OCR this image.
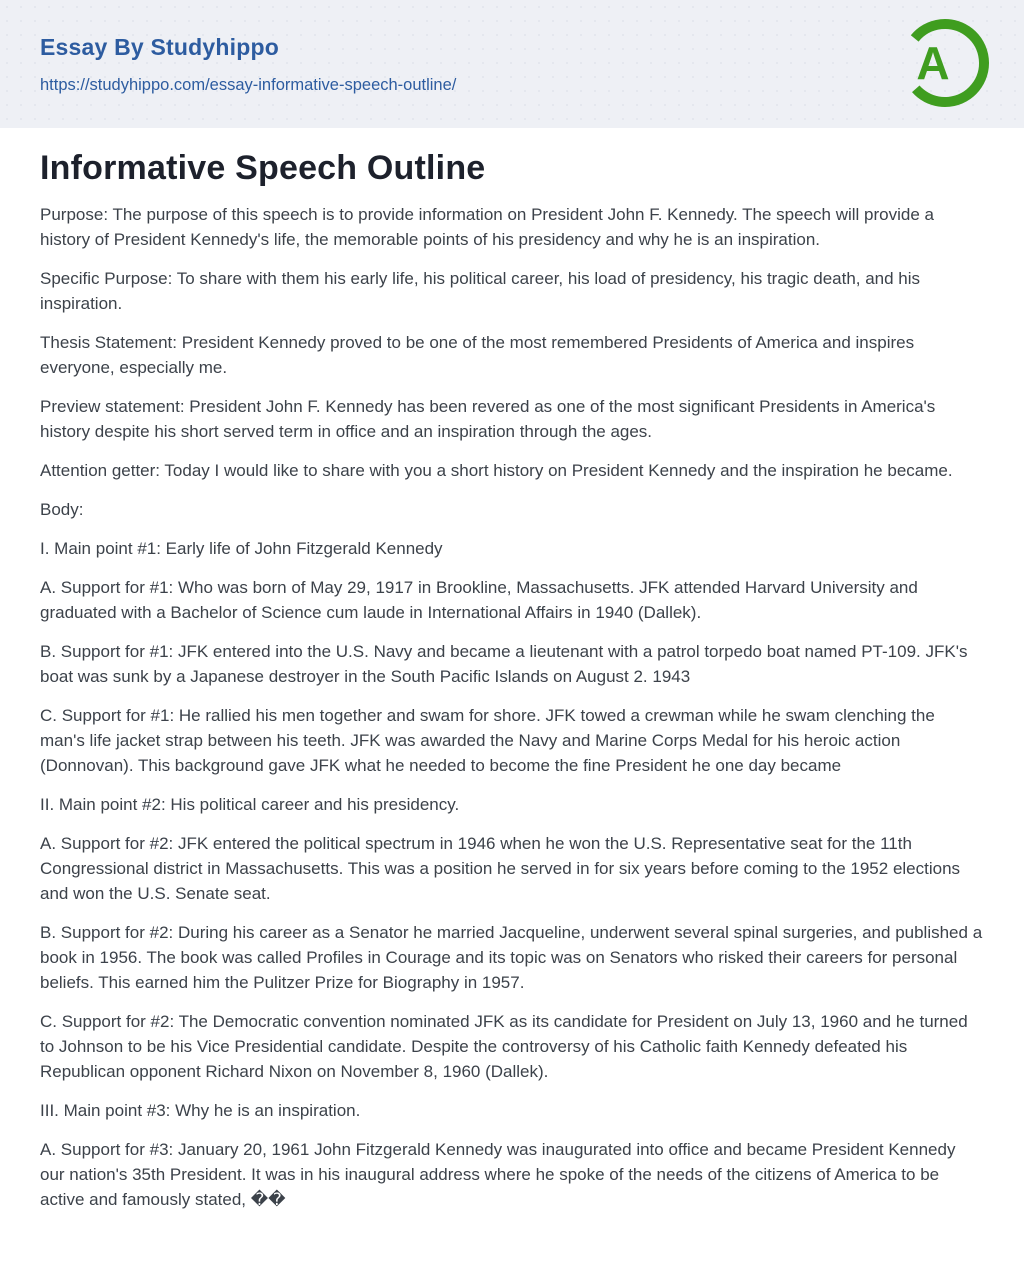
Essay By Studyhippo
https://studyhippo.com/essay-informative-speech-outline/	A
Informative Speech Outline

Purpose: The purpose of this speech is to provide information on President John F. Kennedy. The speech will provide a history of President Kennedy's life, the memorable points of his presidency and why he is an inspiration.

Specific Purpose: To share with them his early life, his political career, his load of presidency, his tragic death, and his inspiration.

Thesis Statement: President Kennedy proved to be one of the most remembered Presidents of America and inspires everyone, especially me.

Preview statement: President John F. Kennedy has been revered as one of the most significant Presidents in America's history despite his short served term in office and an inspiration through the ages.

Attention getter: Today I would like to share with you a short history on President Kennedy and the inspiration he became.

Body:

I. Main point #1: Early life of John Fitzgerald Kennedy

A. Support for #1: Who was born of May 29, 1917 in Brookline, Massachusetts. JFK attended Harvard University and graduated with a Bachelor of Science cum laude in International Affairs in 1940 (Dallek).

B. Support for #1: JFK entered into the U.S. Navy and became a lieutenant with a patrol torpedo boat named PT-109. JFK's boat was sunk by a Japanese destroyer in the South Pacific Islands on August 2. 1943

C. Support for #1: He rallied his men together and swam for shore. JFK towed a crewman while he swam clenching the man's life jacket strap between his teeth. JFK was awarded the Navy and Marine Corps Medal for his heroic action (Donnovan). This background gave JFK what he needed to become the fine President he one day became

II. Main point #2: His political career and his presidency.

A. Support for #2: JFK entered the political spectrum in 1946 when he won the U.S. Representative seat for the 11th Congressional district in Massachusetts. This was a position he served in for six years before coming to the 1952 elections and won the U.S. Senate seat.

B. Support for #2: During his career as a Senator he married Jacqueline, underwent several spinal surgeries, and published a book in 1956. The book was called Profiles in Courage and its topic was on Senators who risked their careers for personal beliefs. This earned him the Pulitzer Prize for Biography in 1957.

C. Support for #2: The Democratic convention nominated JFK as its candidate for President on July 13, 1960 and he turned to Johnson to be his Vice Presidential candidate. Despite the controversy of his Catholic faith Kennedy defeated his Republican opponent Richard Nixon on November 8, 1960 (Dallek).

III. Main point #3: Why he is an inspiration.

A. Support for #3: January 20, 1961 John Fitzgerald Kennedy was inaugurated into office and became President Kennedy our nation's 35th President. It was in his inaugural address where he spoke of the needs of the citizens of America to be active and famously stated, ��
